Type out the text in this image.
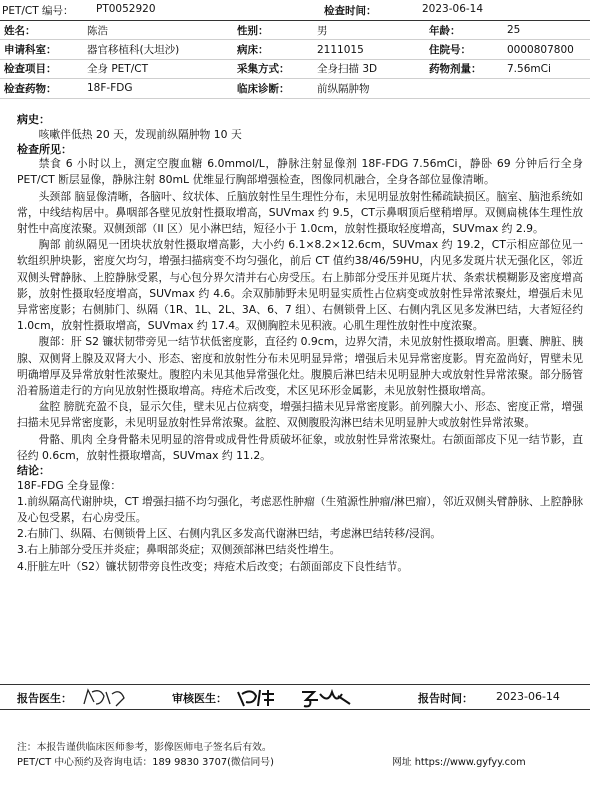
PET/CT 编号： PT0052920	检查时间：	2023-06-14
姓名：	陈浩	性别：	男	年龄：	25
申请科室：	器官移植科(大坦沙)	病床：	2111015	住院号：	0000807800
检查项目：	全身 PET/CT	采集方式：	全身扫描 3D	药物剂量：	7.56mCi
检查药物：	18F-FDG	临床诊断：	前纵隔肿物		
病史：

咳嗽伴低热 20 天，发现前纵隔肿物 10 天

检查所见：

禁食 6 小时以上，测定空腹血糖 6.0mmol/L，静脉注射显像剂 18F-FDG 7.56mCi，静卧 69 分钟后行全身 PET/CT 断层显像，静脉注射 80mL 优维显行胸部增强检查，图像同机融合，全身各部位显像清晰。

头颈部 脑显像清晰，各脑叶、纹状体、丘脑放射性呈生理性分布，未见明显放射性稀疏缺损区。脑室、脑池系统如常，中线结构居中。鼻咽部各壁见放射性摄取增高，SUVmax 约 9.5，CT示鼻咽顶后壁稍增厚。双侧扁桃体生理性放射性中高度浓聚。双侧颈部（II 区）见小淋巴结，短径小于 1.0cm，放射性摄取轻度增高，SUVmax 约 2.9。

胸部 前纵隔见一团块状放射性摄取增高影，大小约 6.1×8.2×12.6cm，SUVmax 约 19.2，CT示相应部位见一软组织肿块影，密度欠均匀，增强扫描病变不均匀强化，前后 CT 值约38/46/59HU，内见多发斑片状无强化区，邻近双侧头臂静脉、上腔静脉受累，与心包分界欠清并右心房受压。右上肺部分受压并见斑片状、条索状模糊影及密度增高影，放射性摄取轻度增高，SUVmax 约 4.6。余双肺肺野未见明显实质性占位病变或放射性异常浓聚灶，增强后未见异常密度影；右侧肺门、纵隔（1R、1L、2L、3A、6、7 组）、右侧锁骨上区、右侧内乳区见多发淋巴结，大者短径约 1.0cm，放射性摄取增高，SUVmax 约 17.4。双侧胸腔未见积液。心肌生理性放射性中度浓聚。

腹部：肝 S2 镰状韧带旁见一结节状低密度影，直径约 0.9cm，边界欠清，未见放射性摄取增高。胆囊、脾脏、胰腺、双侧肾上腺及双肾大小、形态、密度和放射性分布未见明显异常；增强后未见异常密度影。胃充盈尚好，胃壁未见明确增厚及异常放射性浓聚灶。腹腔内未见其他异常强化灶。腹膜后淋巴结未见明显肿大或放射性异常浓聚。部分肠管沿着肠道走行的方向见放射性摄取增高。痔疮术后改变，术区见环形金属影，未见放射性摄取增高。

盆腔 膀胱充盈不良，显示欠佳，壁未见占位病变，增强扫描未见异常密度影。前列腺大小、形态、密度正常，增强扫描未见异常密度影，未见明显放射性异常浓聚。盆腔、双侧腹股沟淋巴结未见明显肿大或放射性异常浓聚。

骨骼、肌肉 全身骨骼未见明显的溶骨或成骨性骨质破坏征象，或放射性异常浓聚灶。右颌面部皮下见一结节影，直径约 0.6cm，放射性摄取增高，SUVmax 约 11.2。

结论：

18F-FDG 全身显像：

1.前纵隔高代谢肿块，CT 增强扫描不均匀强化，考虑恶性肿瘤（生殖源性肿瘤/淋巴瘤），邻近双侧头臂静脉、上腔静脉及心包受累，右心房受压。

2.右肺门、纵隔、右侧锁骨上区、右侧内乳区多发高代谢淋巴结，考虑淋巴结转移/浸润。

3.右上肺部分受压并炎症；鼻咽部炎症；双侧颈部淋巴结炎性增生。

4.肝脏左叶（S2）镰状韧带旁良性改变；痔疮术后改变；右颌面部皮下良性结节。

报告医生：	审核医生：	报告时间： 2023-06-14
注：本报告谨供临床医师参考，影像医师电子签名后有效。
PET/CT 中心预约及咨询电话：189 9830 3707(微信同号)	网址 https://www.gyfyy.com
